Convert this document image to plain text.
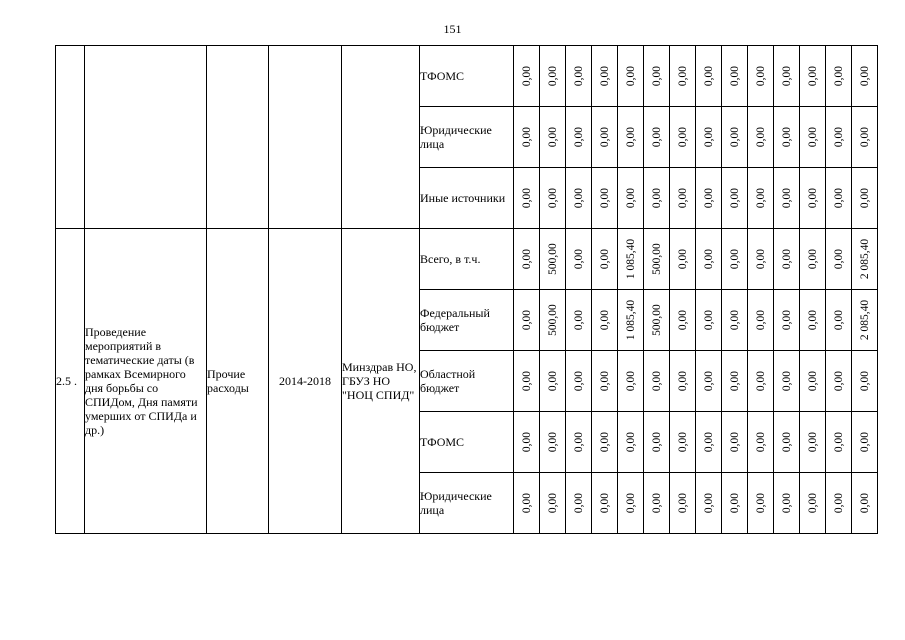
151
					ТФОМС	0,00	0,00	0,00	0,00	0,00	0,00	0,00	0,00	0,00	0,00	0,00	0,00	0,00	0,00

					Юридические лица	0,00	0,00	0,00	0,00	0,00	0,00	0,00	0,00	0,00	0,00	0,00	0,00	0,00	0,00

					Иные источники	0,00	0,00	0,00	0,00	0,00	0,00	0,00	0,00	0,00	0,00	0,00	0,00	0,00	0,00

2.5 .	Проведение мероприятий в тематические даты (в рамках Всемирного дня борьбы со СПИДом, Дня памяти умерших от СПИДа и др.)	Прочие расходы	2014-2018	Минздрав НО, ГБУЗ НО "НОЦ СПИД"	Всего, в т.ч.	0,00	500,00	0,00	0,00	1 085,40	500,00	0,00	0,00	0,00	0,00	0,00	0,00	0,00	2 085,40

					Федеральный бюджет	0,00	500,00	0,00	0,00	1 085,40	500,00	0,00	0,00	0,00	0,00	0,00	0,00	0,00	2 085,40

					Областной бюджет	0,00	0,00	0,00	0,00	0,00	0,00	0,00	0,00	0,00	0,00	0,00	0,00	0,00	0,00

					ТФОМС	0,00	0,00	0,00	0,00	0,00	0,00	0,00	0,00	0,00	0,00	0,00	0,00	0,00	0,00

					Юридические лица	0,00	0,00	0,00	0,00	0,00	0,00	0,00	0,00	0,00	0,00	0,00	0,00	0,00	0,00
